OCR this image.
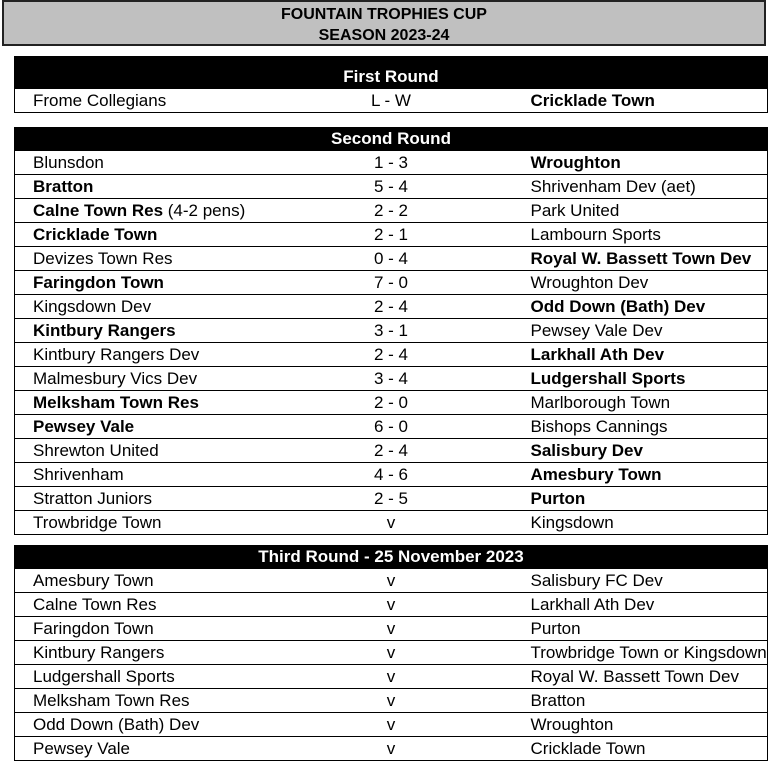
FOUNTAIN TROPHIES CUP
SEASON 2023-24
First Round
Frome Collegians	L - W	Cricklade Town
Second Round		
Blunsdon	1 - 3	Wroughton
Bratton	5 - 4	Shrivenham Dev (aet)
Calne Town Res (4-2 pens)	2 - 2	Park United
Cricklade Town	2 - 1	Lambourn Sports
Devizes Town Res	0 - 4	Royal W. Bassett Town Dev
Faringdon Town	7 - 0	Wroughton Dev
Kingsdown Dev	2 - 4	Odd Down (Bath) Dev
Kintbury Rangers	3 - 1	Pewsey Vale Dev
Kintbury Rangers Dev	2 - 4	Larkhall Ath Dev
Malmesbury Vics Dev	3 - 4	Ludgershall Sports
Melksham Town Res	2 - 0	Marlborough Town
Pewsey Vale	6 - 0	Bishops Cannings
Shrewton United	2 - 4	Salisbury Dev
Shrivenham	4 - 6	Amesbury Town
Stratton Juniors	2 - 5	Purton
Trowbridge Town	v	Kingsdown
Third Round - 25 November 2023		
Amesbury Town	v	Salisbury FC Dev
Calne Town Res	v	Larkhall Ath Dev
Faringdon Town	v	Purton
Kintbury Rangers	v	Trowbridge Town or Kingsdown
Ludgershall Sports	v	Royal W. Bassett Town Dev
Melksham Town Res	v	Bratton
Odd Down (Bath) Dev	v	Wroughton
Pewsey Vale	v	Cricklade Town
